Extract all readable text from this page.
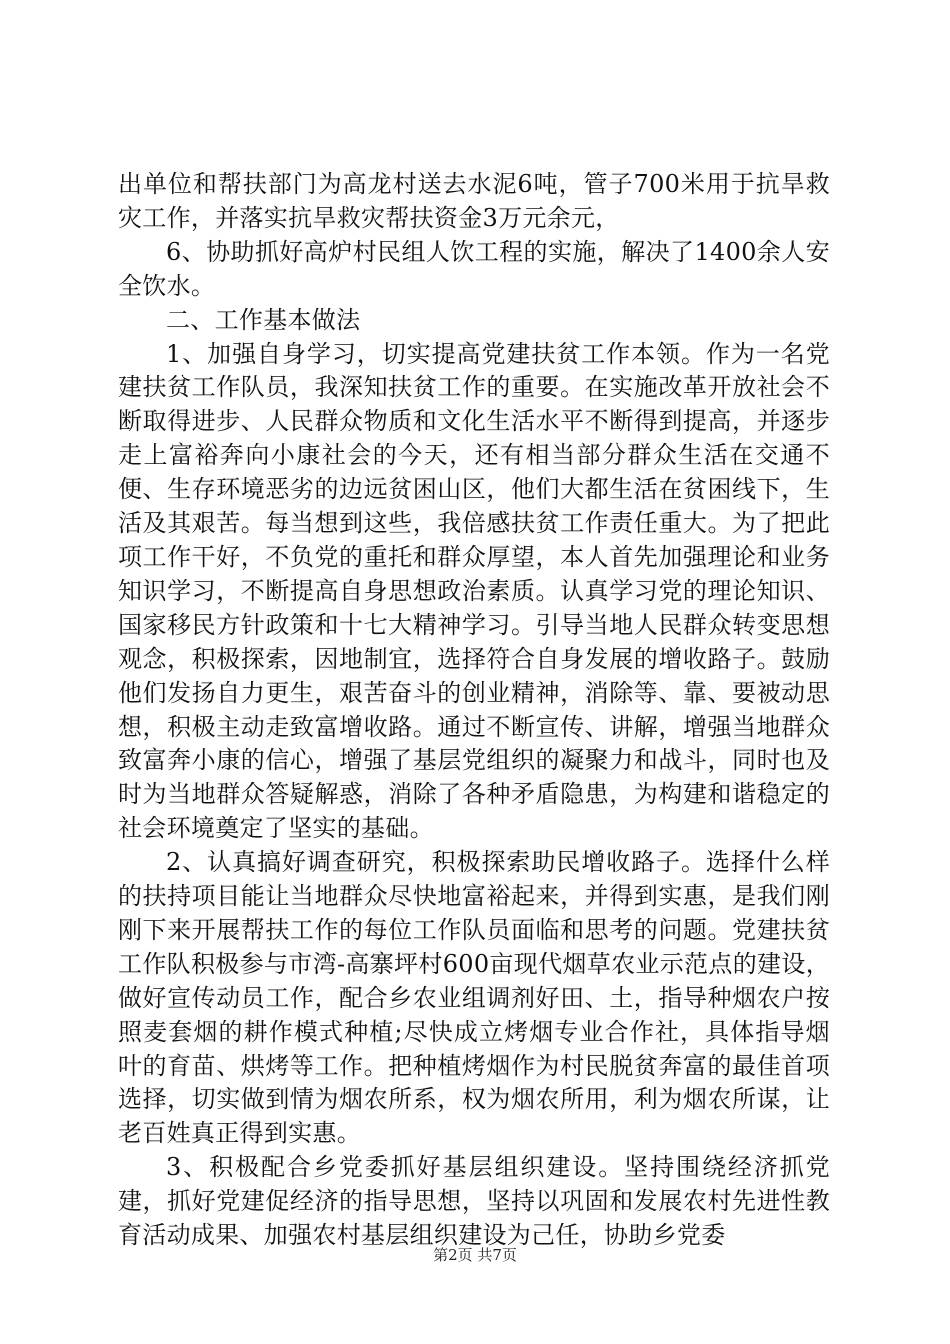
出单位和帮扶部门为高龙村送去水泥6吨，管子700米用于抗旱救灾工作，并落实抗旱救灾帮扶资金3万元余元，

6、协助抓好高炉村民组人饮工程的实施，解决了1400余人安全饮水。

二、工作基本做法

1、加强自身学习，切实提高党建扶贫工作本领。作为一名党建扶贫工作队员，我深知扶贫工作的重要。在实施改革开放社会不断取得进步、人民群众物质和文化生活水平不断得到提高，并逐步走上富裕奔向小康社会的今天，还有相当部分群众生活在交通不便、生存环境恶劣的边远贫困山区，他们大都生活在贫困线下，生活及其艰苦。每当想到这些，我倍感扶贫工作责任重大。为了把此项工作干好，不负党的重托和群众厚望，本人首先加强理论和业务知识学习，不断提高自身思想政治素质。认真学习党的理论知识、国家移民方针政策和十七大精神学习。引导当地人民群众转变思想观念，积极探索，因地制宜，选择符合自身发展的增收路子。鼓励他们发扬自力更生，艰苦奋斗的创业精神，消除等、靠、要被动思想，积极主动走致富增收路。通过不断宣传、讲解，增强当地群众致富奔小康的信心，增强了基层党组织的凝聚力和战斗，同时也及时为当地群众答疑解惑，消除了各种矛盾隐患，为构建和谐稳定的社会环境奠定了坚实的基础。

2、认真搞好调查研究，积极探索助民增收路子。选择什么样的扶持项目能让当地群众尽快地富裕起来，并得到实惠，是我们刚刚下来开展帮扶工作的每位工作队员面临和思考的问题。党建扶贫工作队积极参与市湾-高寨坪村600亩现代烟草农业示范点的建设，做好宣传动员工作，配合乡农业组调剂好田、土，指导种烟农户按照麦套烟的耕作模式种植;尽快成立烤烟专业合作社，具体指导烟叶的育苗、烘烤等工作。把种植烤烟作为村民脱贫奔富的最佳首项选择，切实做到情为烟农所系，权为烟农所用，利为烟农所谋，让老百姓真正得到实惠。

3、积极配合乡党委抓好基层组织建设。坚持围绕经济抓党建，抓好党建促经济的指导思想，坚持以巩固和发展农村先进性教育活动成果、加强农村基层组织建设为己任，协助乡党委

第2页 共7页
